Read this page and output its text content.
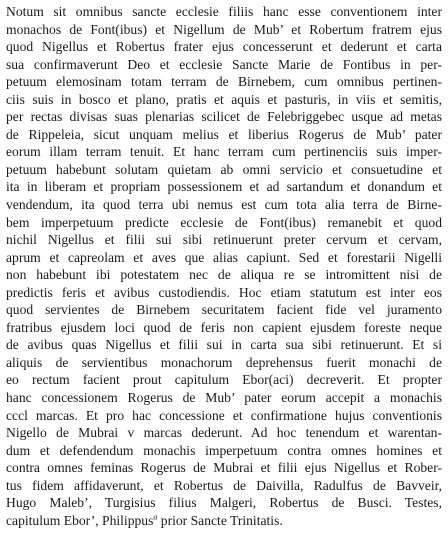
Notum sit omnibus sancte ecclesie filiis hanc esse conventionem inter
monachos de Font(ibus) et Nigellum de Mub’ et Robertum fratrem ejus
quod Nigellus et Robertus frater ejus concesserunt et dederunt et carta
sua confirmaverunt Deo et ecclesie Sancte Marie de Fontibus in per-
petuum elemosinam totam terram de Birnebem, cum omnibus pertinen-
ciis suis in bosco et plano, pratis et aquis et pasturis, in viis et semitis,
per rectas divisas suas plenarias scilicet de Felebriggebec usque ad metas
de Rippeleia, sicut unquam melius et liberius Rogerus de Mub’ pater
eorum illam terram tenuit. Et hanc terram cum pertinenciis suis imper-
petuum habebunt solutam quietam ab omni servicio et consuetudine et
ita in liberam et propriam possessionem et ad sartandum et donandum et
vendendum, ita quod terra ubi nemus est cum tota alia terra de Birne-
bem imperpetuum predicte ecclesie de Font(ibus) remanebit et quod
nichil Nigellus et filii sui sibi retinuerunt preter cervum et cervam,
aprum et capreolam et aves que alias capiunt. Sed et forestarii Nigelli
non habebunt ibi potestatem nec de aliqua re se intromittent nisi de
predictis feris et avibus custodiendis. Hoc etiam statutum est inter eos
quod servientes de Birnebem securitatem facient fide vel juramento
fratribus ejusdem loci quod de feris non capient ejusdem foreste neque
de avibus quas Nigellus et filii sui in carta sua sibi retinuerunt. Et si
aliquis de servientibus monachorum deprehensus fuerit monachi de
eo rectum facient prout capitulum Ebor(aci) decreverit. Et propter
hanc concessionem Rogerus de Mub’ pater eorum accepit a monachis
cccl marcas. Et pro hac concessione et confirmatione hujus conventionis
Nigello de Mubrai v marcas dederunt. Ad hoc tenendum et warentan-
dum et defendendum monachis imperpetuum contra omnes homines et
contra omnes feminas Rogerus de Mubrai et filii ejus Nigellus et Rober-
tus fidem affidaverunt, et Robertus de Daivilla, Radulfus de Bavveir,
Hugo Maleb’, Turgisius filius Malgeri, Robertus de Busci. Testes,
capitulum Ebor’, Philippus$^a$ prior Sancte Trinitatis.
